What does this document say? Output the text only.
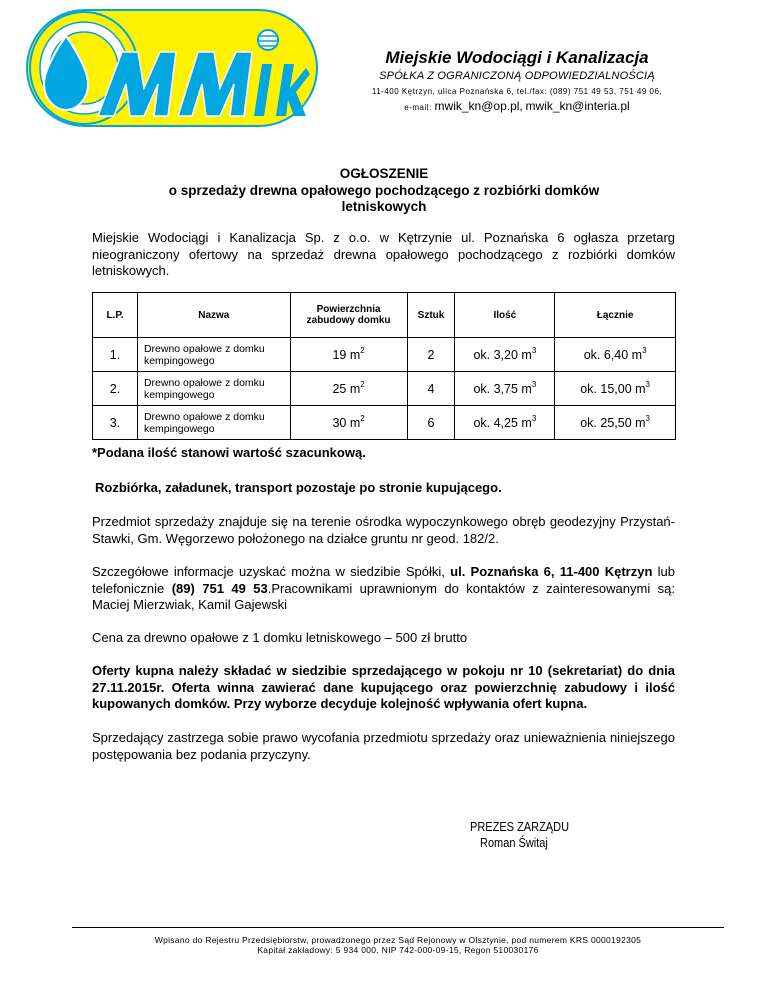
Miejskie Wodociągi i Kanalizacja
SPÓŁKA Z OGRANICZONĄ ODPOWIEDZIALNOŚCIĄ
11-400 Kętrzyn, ulica Poznańska 6, tel./fax: (089) 751 49 53, 751 49 06,
e-mail: mwik_kn@op.pl, mwik_kn@interia.pl
OGŁOSZENIE
o sprzedaży drewna opałowego pochodzącego z rozbiórki domków
letniskowych
Miejskie Wodociągi i Kanalizacja Sp. z o.o. w Kętrzynie ul. Poznańska 6 ogłasza przetarg nieograniczony ofertowy na sprzedaż drewna opałowego pochodzącego z rozbiórki domków letniskowych.
L.P.	Nazwa	Powierzchnia zabudowy domku	Sztuk	Ilość	Łącznie
1.	Drewno opałowe z domku kempingowego	19 $m^2$	2	ok. 3,20 $m^3$	ok. 6,40 $m^3$
2.	Drewno opałowe z domku kempingowego	25 $m^2$	4	ok. 3,75 $m^3$	ok. 15,00 $m^3$
3.	Drewno opałowe z domku kempingowego	30 $m^2$	6	ok. 4,25 $m^3$	ok. 25,50 $m^3$
*Podana ilość stanowi wartość szacunkową.
Rozbiórka, załadunek, transport pozostaje po stronie kupującego.
Przedmiot sprzedaży znajduje się na terenie ośrodka wypoczynkowego obręb geodezyjny Przystań-Stawki, Gm. Węgorzewo położonego na działce gruntu nr geod. 182/2.
Szczegółowe informacje uzyskać można w siedzibie Spółki, ul. Poznańska 6, 11-400 Kętrzyn lub telefonicznie (89) 751 49 53.Pracownikami uprawnionym do kontaktów z zainteresowanymi są: Maciej Mierzwiak, Kamil Gajewski
Cena za drewno opałowe z 1 domku letniskowego – 500 zł brutto
Oferty kupna należy składać w siedzibie sprzedającego w pokoju nr 10 (sekretariat) do dnia 27.11.2015r. Oferta winna zawierać dane kupującego oraz powierzchnię zabudowy i ilość kupowanych domków. Przy wyborze decyduje kolejność wpływania ofert kupna.
Sprzedający zastrzega sobie prawo wycofania przedmiotu sprzedaży oraz unieważnienia niniejszego postępowania bez podania przyczyny.
PREZES ZARZĄDU
Roman Świtaj
Wpisano do Rejestru Przedsiębiorstw, prowadzonego przez Sąd Rejonowy w Olsztynie, pod numerem KRS 0000192305
Kapitał zakładowy: 5 934 000, NIP 742-000-09-15, Regon 510030176
